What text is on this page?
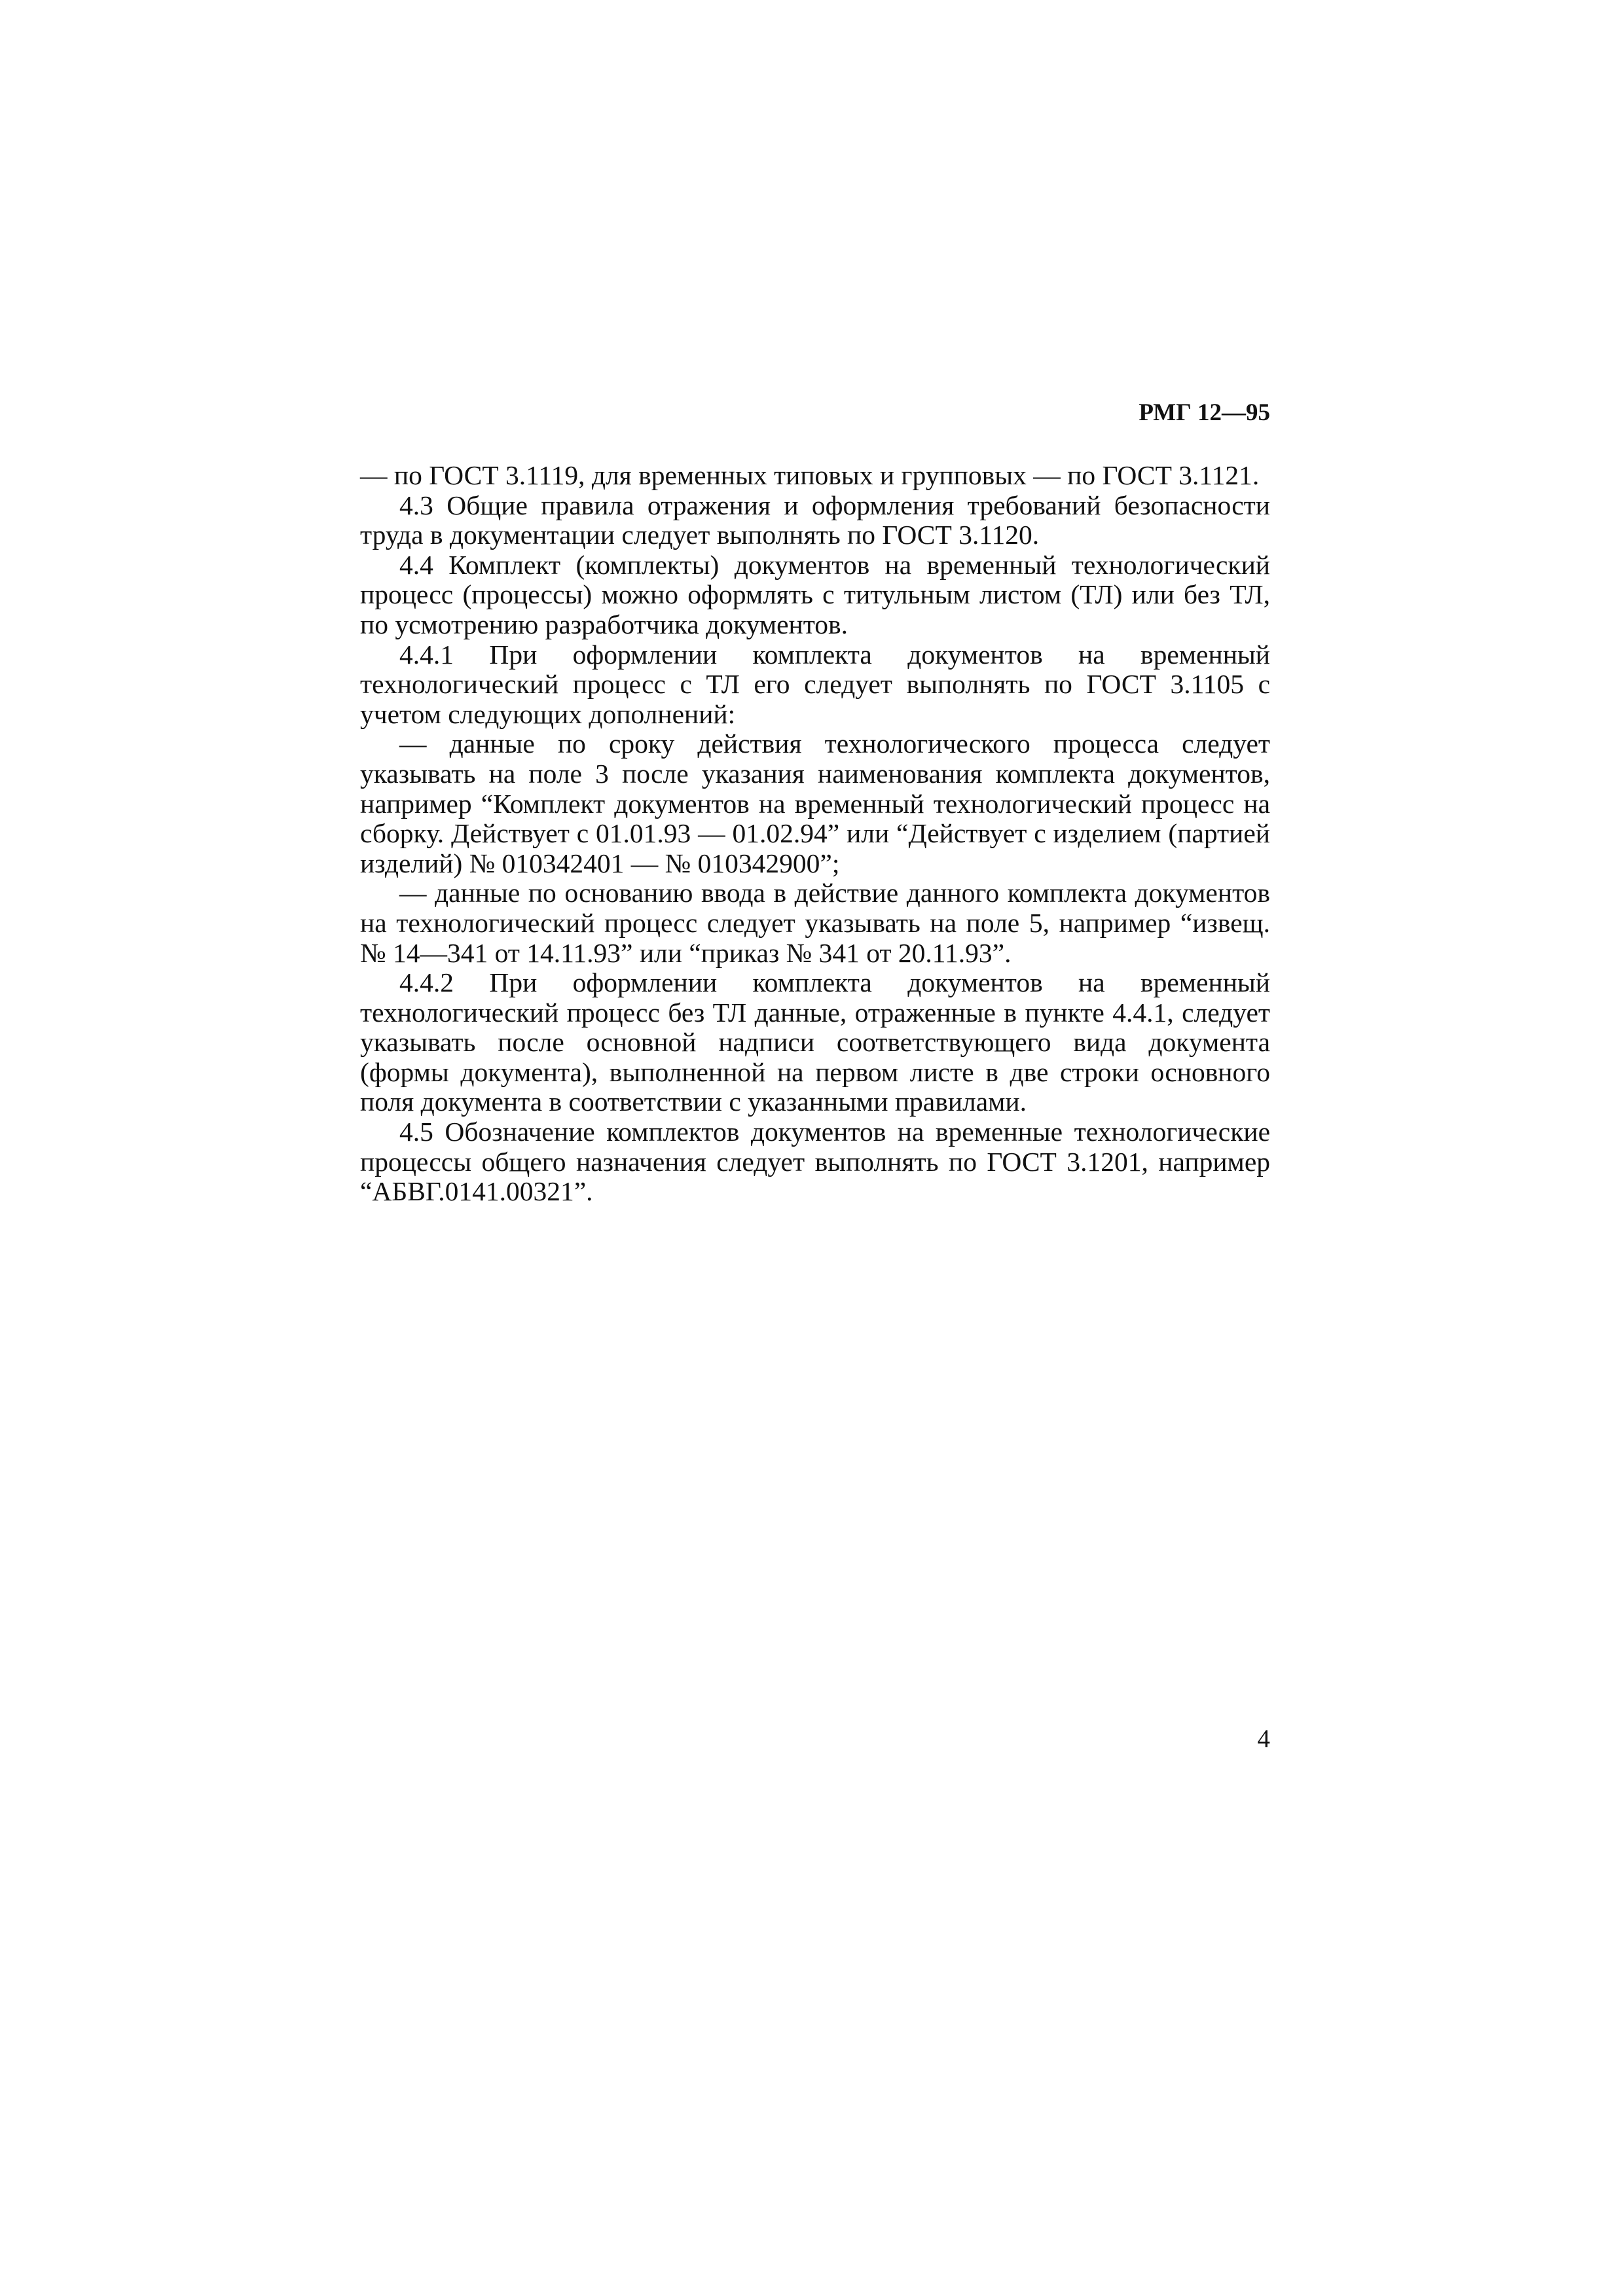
РМГ 12—95

— по ГОСТ 3.1119, для временных типовых и групповых — по ГОСТ 3.1121.

4.3 Общие правила отражения и оформления требований безопасности труда в документации следует выполнять по ГОСТ 3.1120.

4.4 Комплект (комплекты) документов на временный технологический процесс (процессы) можно оформлять с титульным листом (ТЛ) или без ТЛ, по усмотрению разработчика документов.

4.4.1 При оформлении комплекта документов на временный технологический процесс с ТЛ его следует выполнять по ГОСТ 3.1105 с учетом следующих дополнений:

— данные по сроку действия технологического процесса следует указывать на поле 3 после указания наименования комплекта документов, например “Комплект документов на временный технологический процесс на сборку. Действует с 01.01.93 — 01.02.94” или “Действует с изделием (партией изделий) № 010342401 — № 010342900”;

— данные по основанию ввода в действие данного комплекта документов на технологический процесс следует указывать на поле 5, например “извещ. № 14—341 от 14.11.93” или “приказ № 341 от 20.11.93”.

4.4.2 При оформлении комплекта документов на временный технологический процесс без ТЛ данные, отраженные в пункте 4.4.1, следует указывать после основной надписи соответствующего вида документа (формы документа), выполненной на первом листе в две строки основного поля документа в соответствии с указанными правилами.

4.5 Обозначение комплектов документов на временные технологические процессы общего назначения следует выполнять по ГОСТ 3.1201, например “АБВГ.0141.00321”.

4
